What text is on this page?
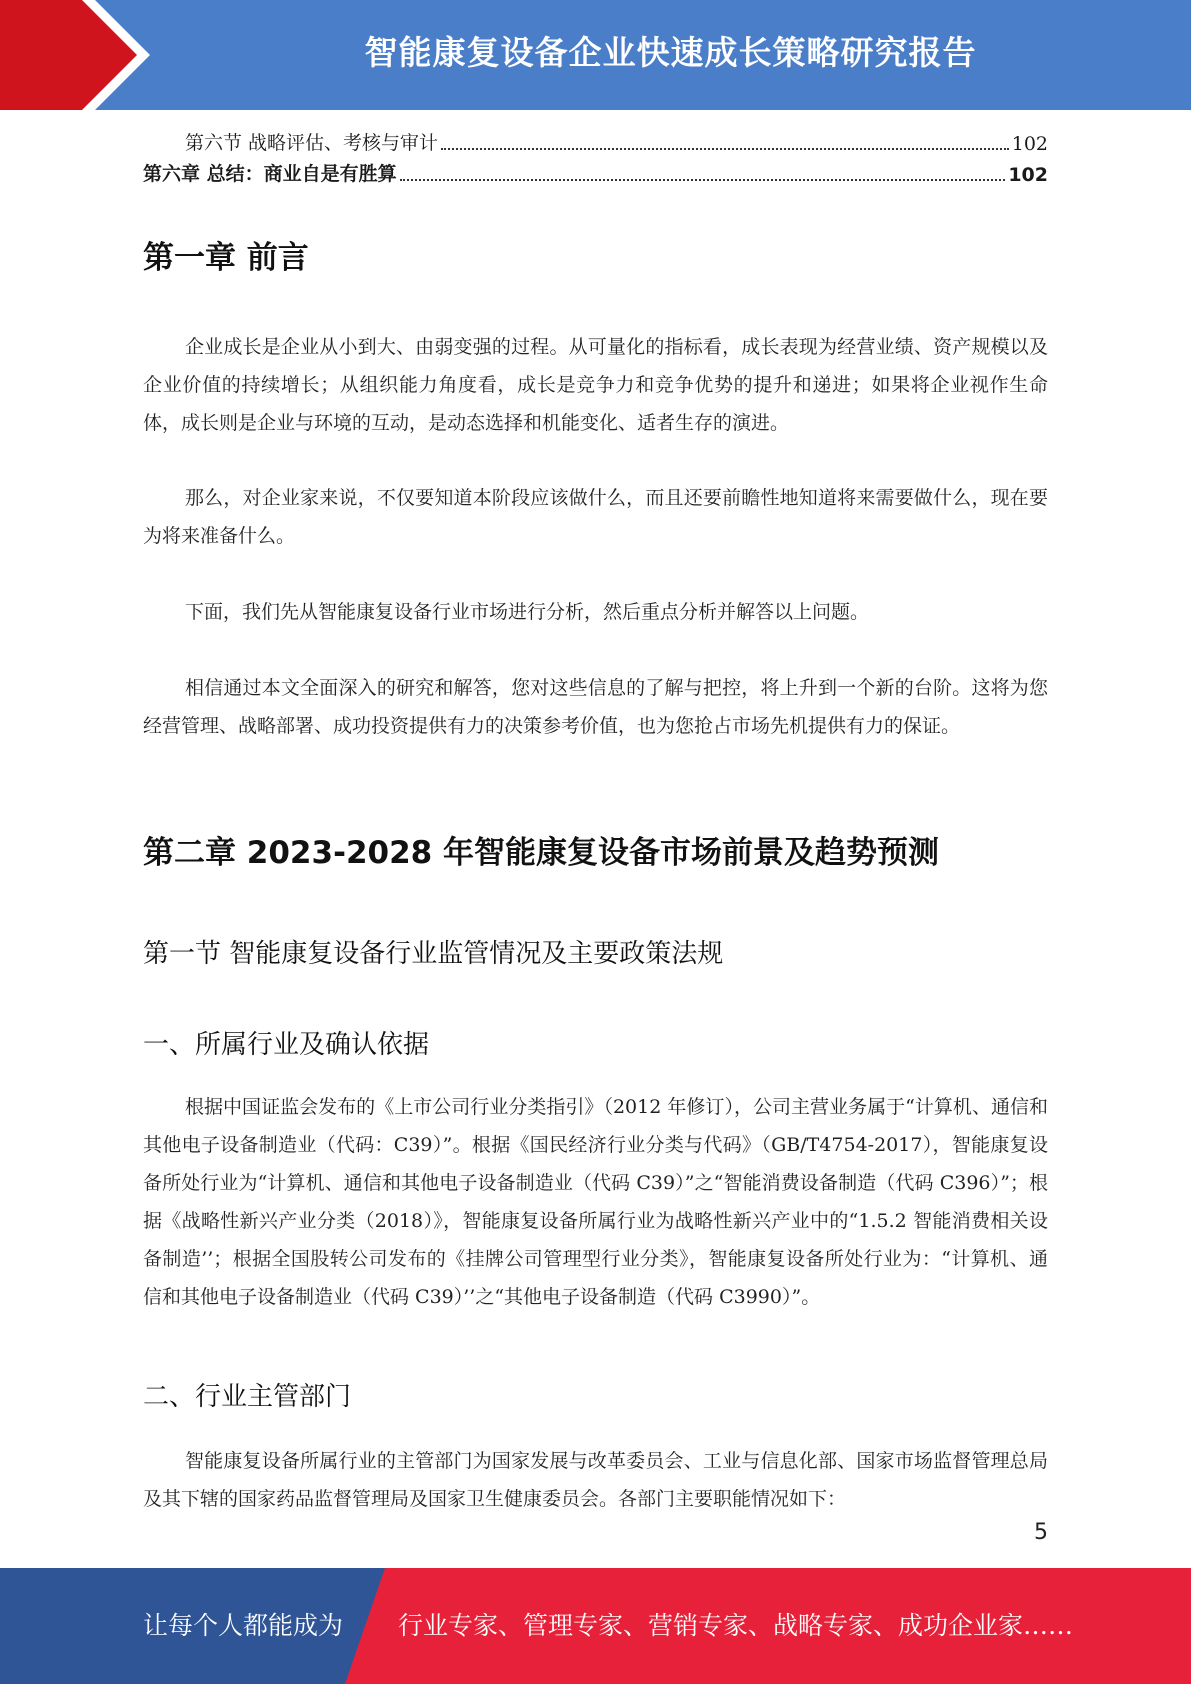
智能康复设备企业快速成长策略研究报告
第六节 战略评估、考核与审计	102
第六章 总结：商业自是有胜算	102
第一章 前言
企业成长是企业从小到大、由弱变强的过程。从可量化的指标看，成长表现为经营业绩、资产规模以及企业价值的持续增长；从组织能力角度看，成长是竞争力和竞争优势的提升和递进；如果将企业视作生命体，成长则是企业与环境的互动，是动态选择和机能变化、适者生存的演进。
那么，对企业家来说，不仅要知道本阶段应该做什么，而且还要前瞻性地知道将来需要做什么，现在要为将来准备什么。
下面，我们先从智能康复设备行业市场进行分析，然后重点分析并解答以上问题。
相信通过本文全面深入的研究和解答，您对这些信息的了解与把控，将上升到一个新的台阶。这将为您经营管理、战略部署、成功投资提供有力的决策参考价值，也为您抢占市场先机提供有力的保证。
第二章 2023-2028 年智能康复设备市场前景及趋势预测
第一节 智能康复设备行业监管情况及主要政策法规
一、所属行业及确认依据
根据中国证监会发布的《上市公司行业分类指引》（2012 年修订），公司主营业务属于“计算机、通信和其他电子设备制造业（代码：C39）”。根据《国民经济行业分类与代码》（GB/T4754-2017），智能康复设备所处行业为“计算机、通信和其他电子设备制造业（代码 C39）”之“智能消费设备制造（代码 C396）”；根据《战略性新兴产业分类（2018）》，智能康复设备所属行业为战略性新兴产业中的“1.5.2 智能消费相关设备制造’’；根据全国股转公司发布的《挂牌公司管理型行业分类》，智能康复设备所处行业为：“计算机、通信和其他电子设备制造业（代码 C39）’’之“其他电子设备制造（代码 C3990）”。
二、行业主管部门
智能康复设备所属行业的主管部门为国家发展与改革委员会、工业与信息化部、国家市场监督管理总局及其下辖的国家药品监督管理局及国家卫生健康委员会。各部门主要职能情况如下：
5
让每个人都能成为 行业专家、管理专家、营销专家、战略专家、成功企业家……
